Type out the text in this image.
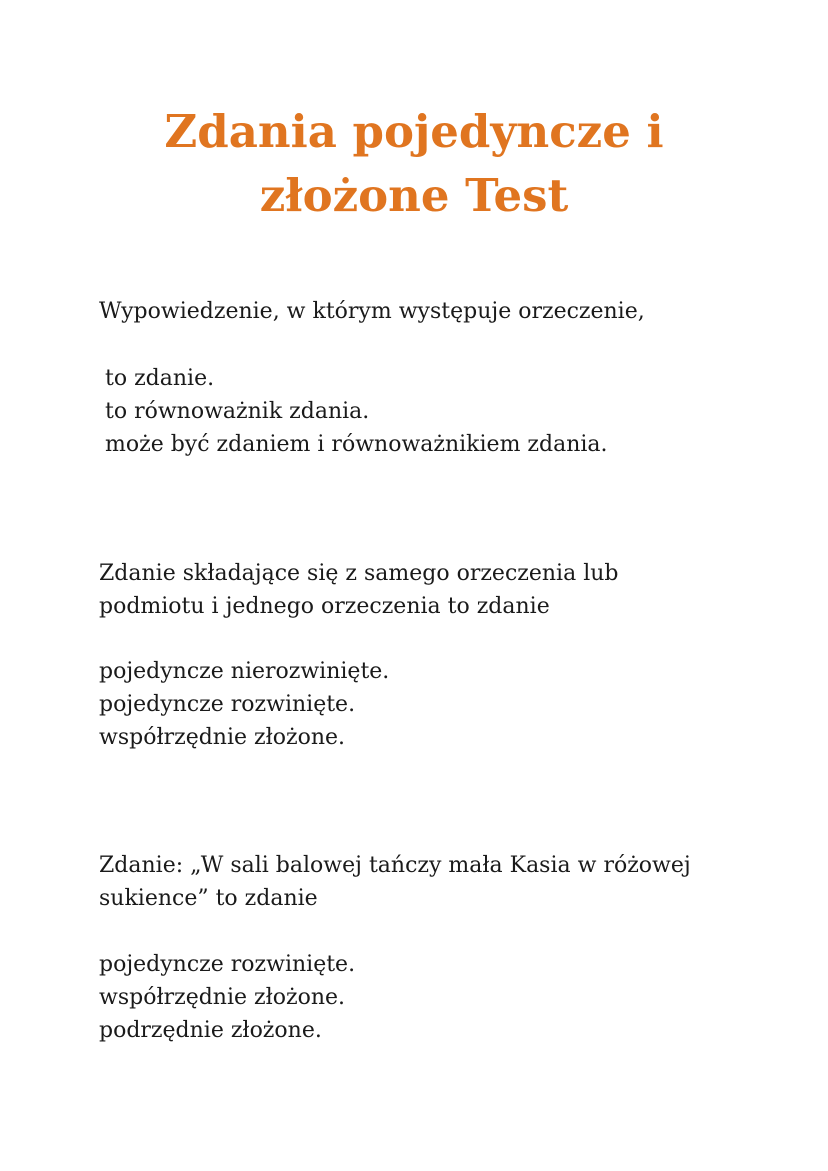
Zdania pojedyncze i
złożone Test

Wypowiedzenie, w którym występuje orzeczenie,

to zdanie.
to równoważnik zdania.
może być zdaniem i równoważnikiem zdania.

Zdanie składające się z samego orzeczenia lub
podmiotu i jednego orzeczenia to zdanie

pojedyncze nierozwinięte.
pojedyncze rozwinięte.
współrzędnie złożone.

Zdanie: „W sali balowej tańczy mała Kasia w różowej
sukience” to zdanie

pojedyncze rozwinięte.
współrzędnie złożone.
podrzędnie złożone.
